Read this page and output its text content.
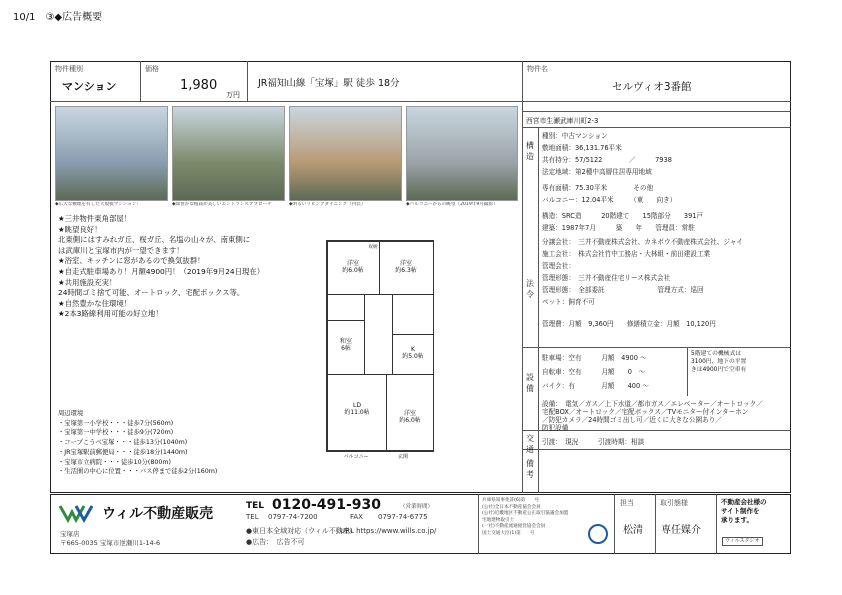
10/1　③◆広告概要
物件種別
マンション
価格
1,980
万円
JR福知山線「宝塚」駅 徒歩 18分
物件名
セルヴィオ3番館
◆広大な敷地を有した大規模マンション！	◆緑豊かな植栽が美しいエントランスアプローチ	◆明るいリビングダイニング（内装）	◆バルコニーからの眺望（2019年9月撮影）
★三井物件東角部屋！
★眺望良好！
北東側にはすみれガ丘、桜ガ丘、名塩の山々が、南東側に
は武庫川と宝塚市内が一望できます！
★浴室、キッチンに窓があるので換気抜群！
★自走式駐車場あり！月額4900円！（2019年9月24日現在）
★共用施設充実！
24時間ゴミ捨て可能、オートロック、宅配ボックス等。
★自然豊かな住環境！
★2本3路線利用可能の好立地！
周辺環境
・宝塚第一小学校・・・徒歩7分(560m)
・宝塚第一中学校・・・徒歩9分(720m)
・コープこうべ宝塚・・・徒歩13分(1040m)
・JR宝塚駅前郵便局・・・徒歩18分(1440m)
・宝塚市立病院・・・徒歩10分(800m)
・生活圏の中心に位置・・・バス停まで徒歩2分(160m)
洋室
約6.0帖
洋室
約6.3帖
和室
6帖	K
約5.0帖
LD
約11.0帖	洋室
約6.0帖
収納
バルコニー	玄関
西宮市生瀬武庫川町2-3
構造
法令
設備
交通
備考
種別：中古マンション
敷地面積：36,131.76平米
共有持分：57/5122　　　　／　　　7938
法定地域：第2種中高層住居専用地域
専有面積：75.30平米　　　　その他
バルコニー：12.04平米　　　（東　　向き）
構造：SRC造　　　20階建て　　15階部分　　391戸
建築：1987年7月　　　築　　年　　管理員：常駐
分譲会社：　三井不動産株式会社、カネボウ不動産株式会社、ジャイ
施工会社：　株式会社竹中工務店・大林組・前田建設工業
管理会社：　
管理形態：　三井不動産住宅リース株式会社
管理形態：　全部委託　　　　　　　　管理方式：巡回
ペット：飼育不可
管理費：月額　9,360円　　修繕積立金：月額　10,120円
駐車場：空有　　　月額　4900 ～
自転車：空有　　　月額　　0　～
バイク：有　　　　月額　　400 ～
5階建ての機械式は
3100円、地下の平置
きは4900円で空車有
設備：　電気／ガス／上下水道／都市ガス／エレベーター／オートロック／
宅配BOX／オートロック／宅配ボックス／TVモニター付インターホン
／防犯カメラ／24時間ゴミ出し可／近くに大きな公園あり／
防犯設備
引渡：　現況　　　引渡時期：相談
ウィル不動産販売
宝塚店
〒665-0035 宝塚市逆瀬川1-14-6
TEL 0120-491-930	（営業時間）
TEL 0797-74-7200	FAX 0797-74-6775
●東日本全域対応（ウィル不動産）
●広告：　広告不可
URL https://www.wills.co.jp/
兵庫県知事免許(6)第　　号
(公社)全日本不動産協会会員
(公社)近畿地区不動産公正取引協議会加盟
宅地建物取引士　　　　　
(一社)不動産流通経営協会会員
国土交通大臣(1)第　　号
担当
松清
取引態様
専任媒介
不動産会社様の
サイト制作を
承ります。
ウィルスタジオ
